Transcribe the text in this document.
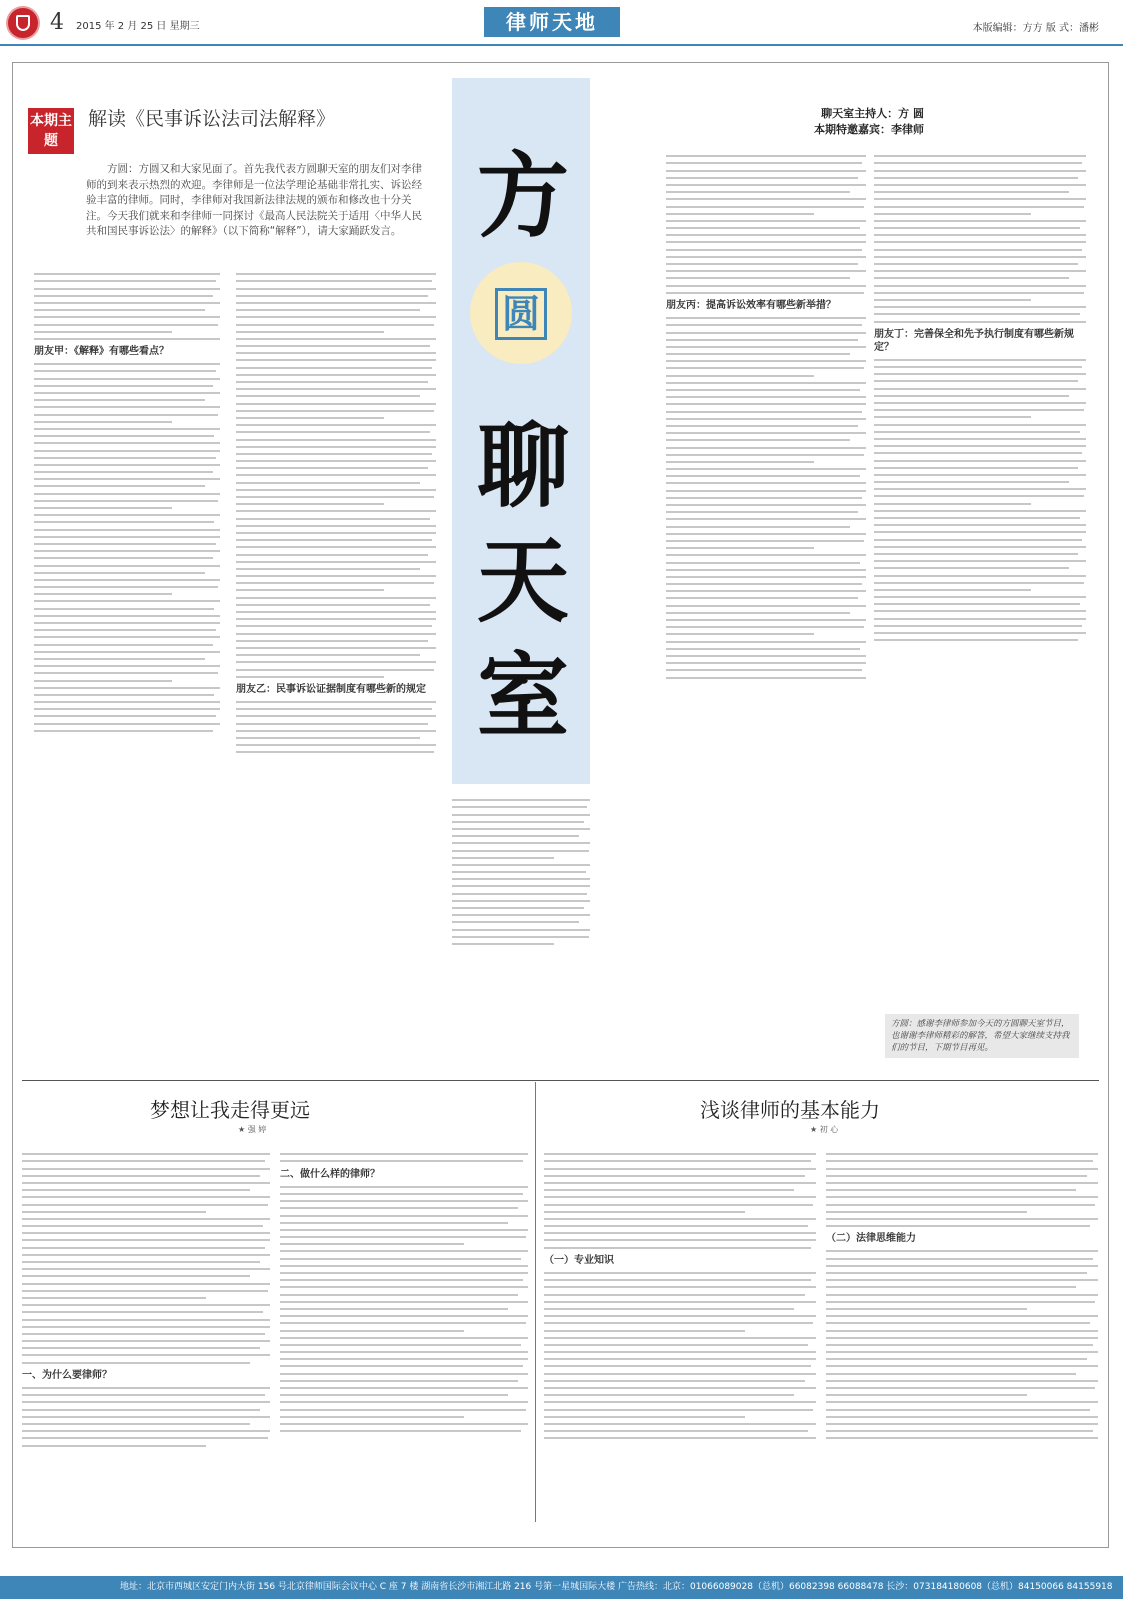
4 2015 年 2 月 25 日 星期三	律师天地	本版编辑：方方 版 式：潘彬
本期主题
解读《民事诉讼法司法解释》

方圆：方圆又和大家见面了。首先我代表方圆聊天室的朋友们对李律师的到来表示热烈的欢迎。李律师是一位法学理论基础非常扎实、诉讼经验丰富的律师。同时，李律师对我国新法律法规的颁布和修改也十分关注。今天我们就来和李律师一同探讨《最高人民法院关于适用〈中华人民共和国民事诉讼法〉的解释》（以下简称“解释”），请大家踊跃发言。 方
圆
聊
天
室
聊天室主持人：方 圆
本期特邀嘉宾：李律师
朋友甲：《解释》有哪些看点？
朋友乙：民事诉讼证据制度有哪些新的规定
朋友丙：提高诉讼效率有哪些新举措？
朋友丁：完善保全和先予执行制度有哪些新规定？
方圆：感谢李律师参加今天的方圆聊天室节目，也谢谢李律师精彩的解答，希望大家继续支持我们的节目，下期节目再见。
梦想让我走得更远
★ 强 婷
一、为什么要律师？
二、做什么样的律师？
浅谈律师的基本能力
★ 初 心
（一）专业知识
（二）法律思维能力
地址：北京市西城区安定门内大街 156 号北京律师国际会议中心 C 座 7 楼 湖南省长沙市湘江北路 216 号第一星城国际大楼 广告热线：北京：01066089028（总机）66082398 66088478 长沙：073184180608（总机）84150066 84155918
